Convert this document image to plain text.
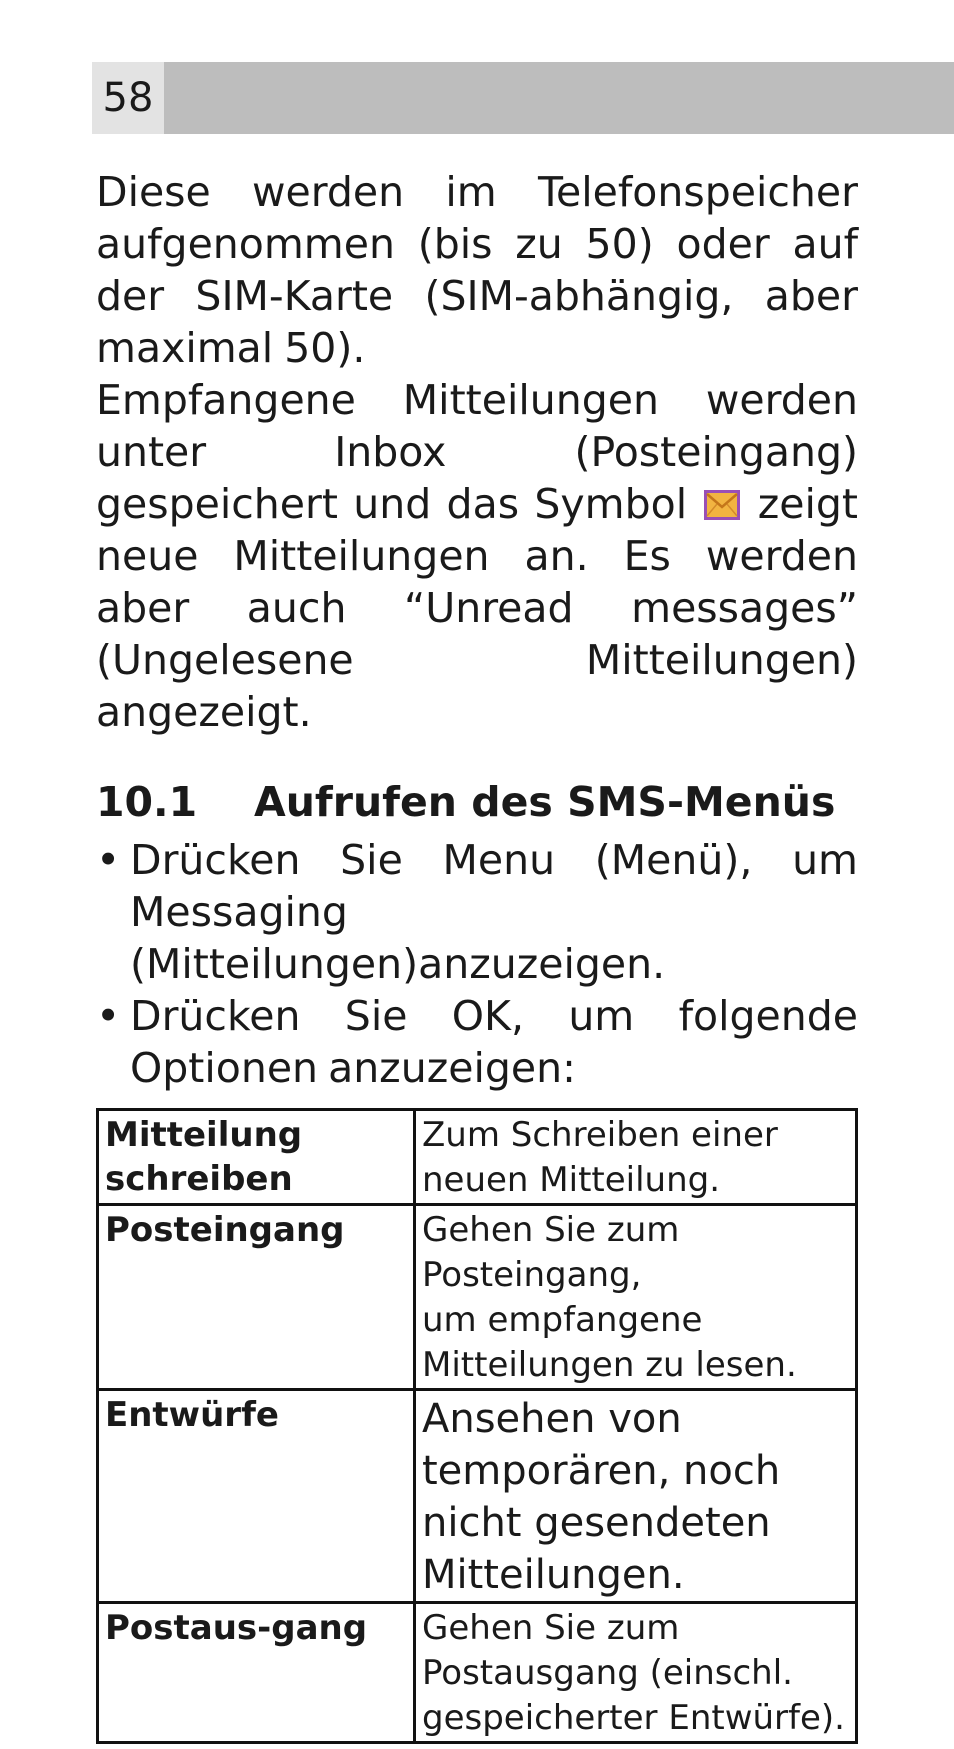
58

Diese werden im Telefonspeicher aufgenommen (bis zu 50) oder auf der SIM-Karte (SIM-abhängig, aber maximal 50).

Empfangene Mitteilungen werden unter Inbox (Posteingang) gespeichert und das Symbol zeigt neue Mitteilungen an. Es werden aber auch “Unread messages” (Ungelesene Mitteilungen) angezeigt.

10.1	Aufrufen des SMS-Menüs
• Drücken Sie Menu (Menü), um Messaging (Mitteilungen)anzuzeigen.
• Drücken Sie OK, um folgende Optionen anzuzeigen:
Mitteilung schreiben	Zum Schreiben einer neuen Mitteilung.
Posteingang	Gehen Sie zum
Posteingang,
um empfangene
Mitteilungen zu lesen.

Entwürfe	Ansehen von temporären, noch nicht gesendeten Mitteilungen.
Postaus-gang	Gehen Sie zum Postausgang (einschl. gespeicherter Entwürfe).
